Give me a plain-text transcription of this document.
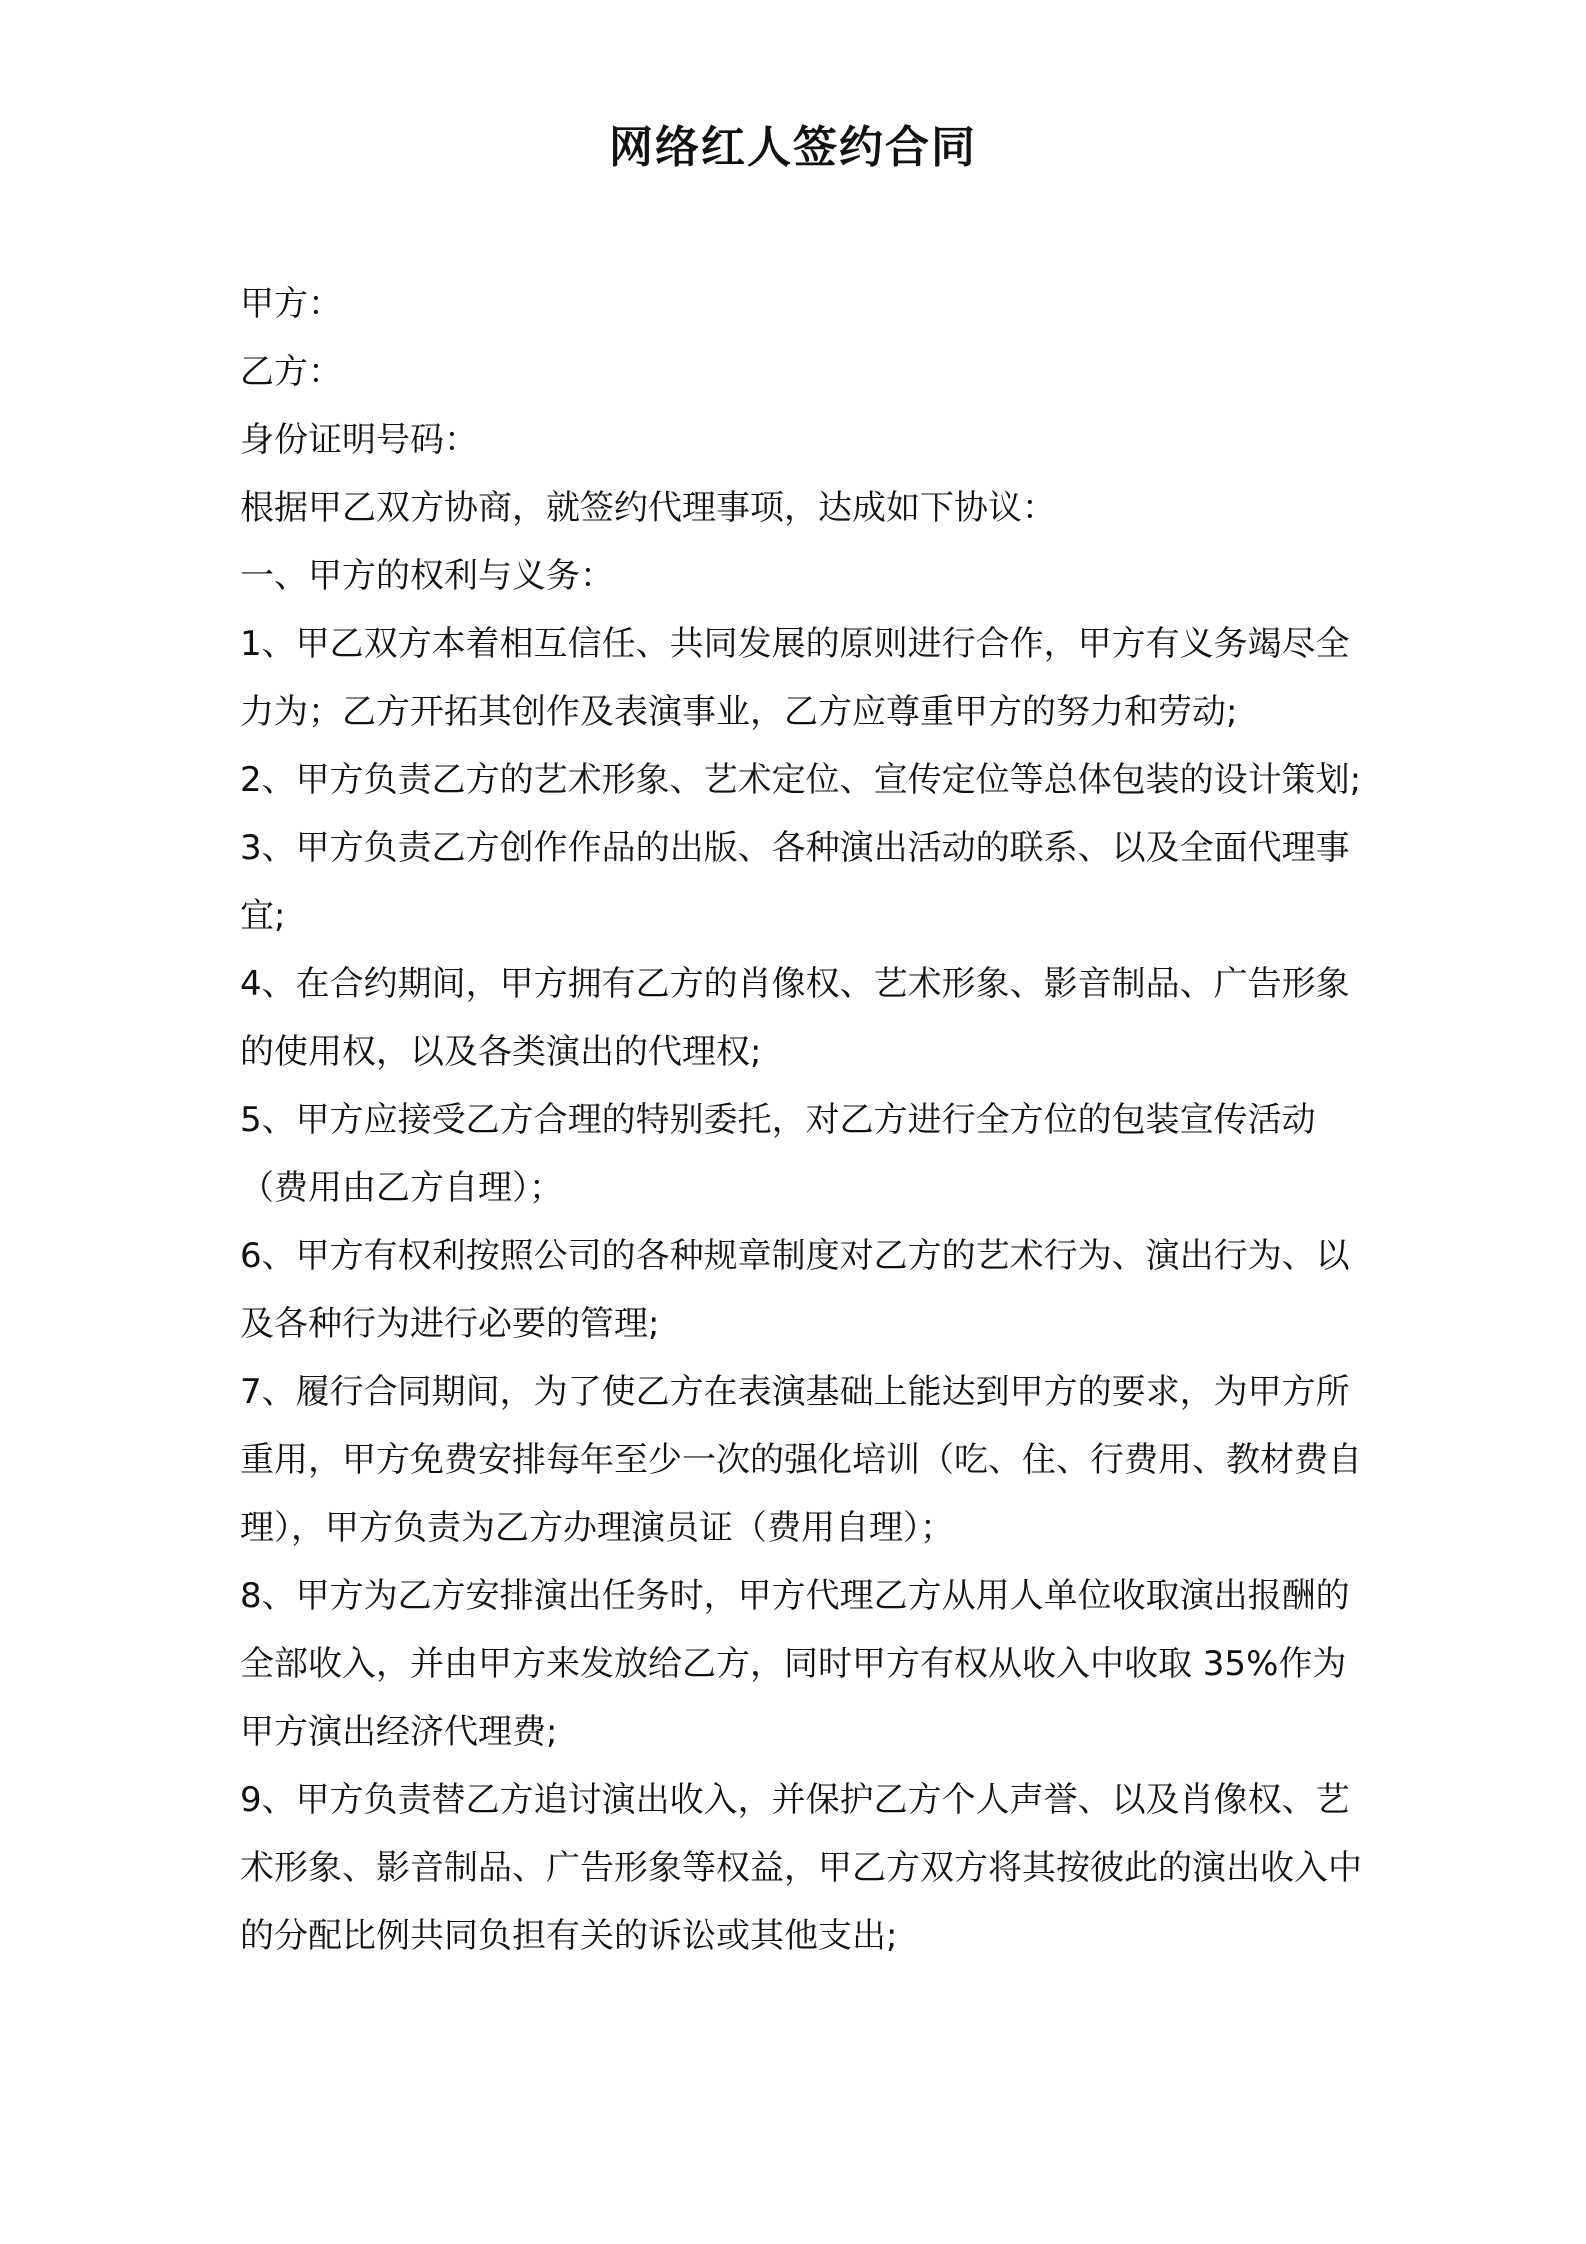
网络红人签约合同

甲方：

乙方：

身份证明号码：

根据甲乙双方协商，就签约代理事项，达成如下协议：

一、甲方的权利与义务：

1、甲乙双方本着相互信任、共同发展的原则进行合作，甲方有义务竭尽全力为；乙方开拓其创作及表演事业，乙方应尊重甲方的努力和劳动;

2、甲方负责乙方的艺术形象、艺术定位、宣传定位等总体包装的设计策划;

3、甲方负责乙方创作作品的出版、各种演出活动的联系、以及全面代理事宜;

4、在合约期间，甲方拥有乙方的肖像权、艺术形象、影音制品、广告形象的使用权，以及各类演出的代理权;

5、甲方应接受乙方合理的特别委托，对乙方进行全方位的包装宣传活动（费用由乙方自理）；

6、甲方有权利按照公司的各种规章制度对乙方的艺术行为、演出行为、以及各种行为进行必要的管理;

7、履行合同期间，为了使乙方在表演基础上能达到甲方的要求，为甲方所重用，甲方免费安排每年至少一次的强化培训（吃、住、行费用、教材费自理），甲方负责为乙方办理演员证（费用自理）；

8、甲方为乙方安排演出任务时，甲方代理乙方从用人单位收取演出报酬的全部收入，并由甲方来发放给乙方，同时甲方有权从收入中收取 35%作为甲方演出经济代理费;

9、甲方负责替乙方追讨演出收入，并保护乙方个人声誉、以及肖像权、艺术形象、影音制品、广告形象等权益，甲乙方双方将其按彼此的演出收入中的分配比例共同负担有关的诉讼或其他支出;
